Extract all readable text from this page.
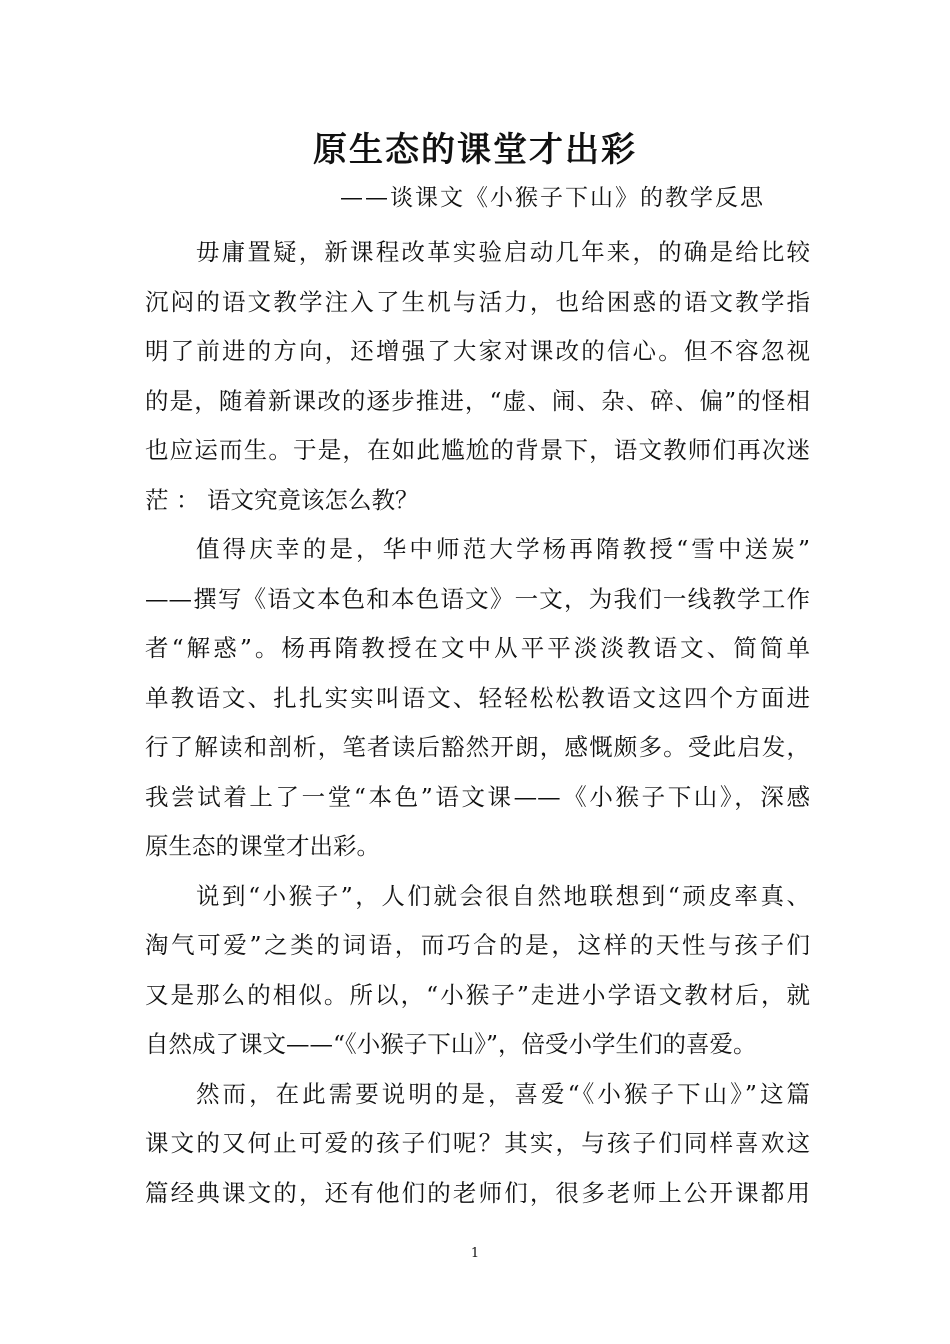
原生态的课堂才出彩
——谈课文《小猴子下山》的教学反思
毋庸置疑，新课程改革实验启动几年来，的确是给比较
沉闷的语文教学注入了生机与活力，也给困惑的语文教学指
明了前进的方向，还增强了大家对课改的信心。但不容忽视
的是，随着新课改的逐步推进，“虚、闹、杂、碎、偏”的怪相
也应运而生。于是，在如此尴尬的背景下，语文教师们再次迷
茫 ： 语文究竟该怎么教？
值得庆幸的是，华中师范大学杨再隋教授“雪中送炭”
——撰写《语文本色和本色语文》一文，为我们一线教学工作
者“解惑”。杨再隋教授在文中从平平淡淡教语文、简简单
单教语文、扎扎实实叫语文、轻轻松松教语文这四个方面进
行了解读和剖析，笔者读后豁然开朗，感慨颇多。受此启发，
我尝试着上了一堂“本色”语文课——《小猴子下山》，深感
原生态的课堂才出彩。
说到“小猴子”，人们就会很自然地联想到“顽皮率真、
淘气可爱”之类的词语，而巧合的是，这样的天性与孩子们
又是那么的相似。所以，“小猴子”走进小学语文教材后，就
自然成了课文——“《小猴子下山》”，倍受小学生们的喜爱。
然而，在此需要说明的是，喜爱“《小猴子下山》”这篇
课文的又何止可爱的孩子们呢？其实，与孩子们同样喜欢这
篇经典课文的，还有他们的老师们，很多老师上公开课都用
1
